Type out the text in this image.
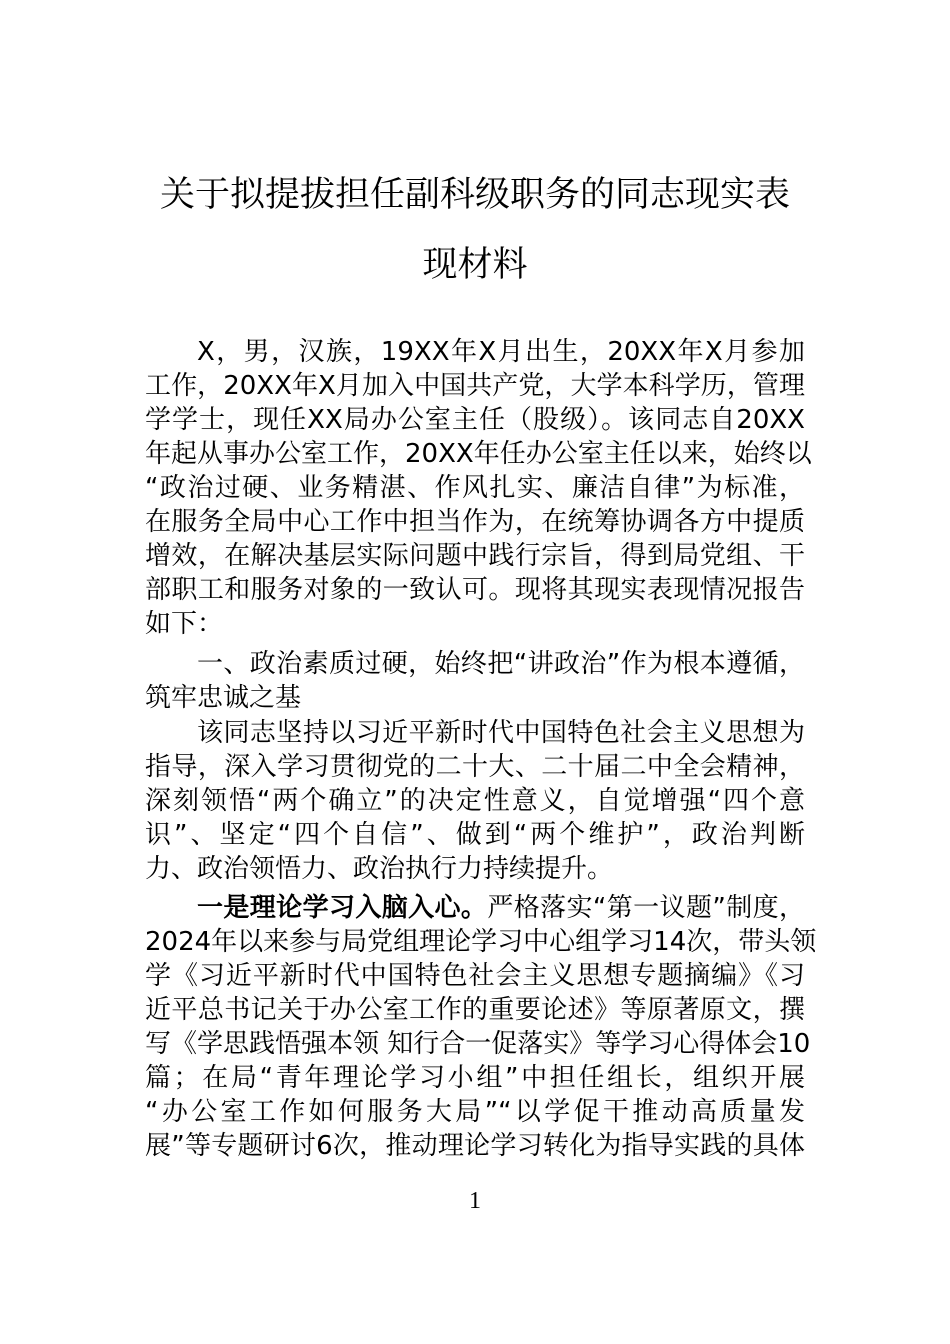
关于拟提拔担任副科级职务的同志现实表
现材料
X，男，汉族，19XX年X月出生，20XX年X月参加
工作，20XX年X月加入中国共产党，大学本科学历，管理
学学士，现任XX局办公室主任（股级）。该同志自20XX
年起从事办公室工作，20XX年任办公室主任以来，始终以
“政治过硬、业务精湛、作风扎实、廉洁自律”为标准，
在服务全局中心工作中担当作为，在统筹协调各方中提质
增效，在解决基层实际问题中践行宗旨，得到局党组、干
部职工和服务对象的一致认可。现将其现实表现情况报告
如下：
一、政治素质过硬，始终把“讲政治”作为根本遵循，
筑牢忠诚之基
该同志坚持以习近平新时代中国特色社会主义思想为
指导，深入学习贯彻党的二十大、二十届二中全会精神，
深刻领悟“两个确立”的决定性意义，自觉增强“四个意
识”、坚定“四个自信”、做到“两个维护”，政治判断
力、政治领悟力、政治执行力持续提升。
一是理论学习入脑入心。严格落实“第一议题”制度，
2024年以来参与局党组理论学习中心组学习14次，带头领
学《习近平新时代中国特色社会主义思想专题摘编》《习
近平总书记关于办公室工作的重要论述》等原著原文，撰
写《学思践悟强本领 知行合一促落实》等学习心得体会10
篇；在局“青年理论学习小组”中担任组长，组织开展
“办公室工作如何服务大局”“以学促干推动高质量发
展”等专题研讨6次，推动理论学习转化为指导实践的具体
1
